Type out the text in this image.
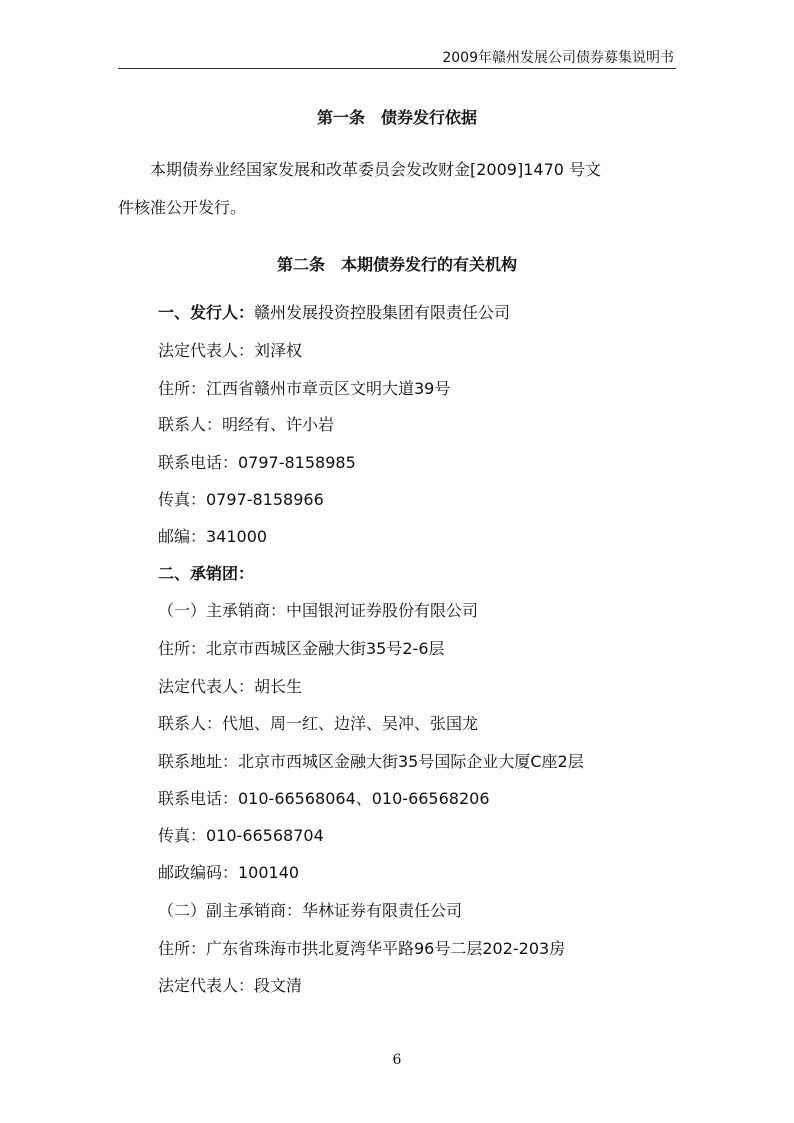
2009年赣州发展公司债券募集说明书
第一条　债券发行依据
本期债券业经国家发展和改革委员会发改财金[2009]1470 号文
件核准公开发行。
第二条　本期债券发行的有关机构
一、发行人：赣州发展投资控股集团有限责任公司
法定代表人：刘泽权
住所：江西省赣州市章贡区文明大道39号
联系人：明经有、许小岩
联系电话：0797-8158985
传真：0797-8158966
邮编：341000
二、承销团：
（一）主承销商：中国银河证券股份有限公司
住所：北京市西城区金融大街35号2-6层
法定代表人：胡长生
联系人：代旭、周一红、边洋、吴冲、张国龙
联系地址：北京市西城区金融大街35号国际企业大厦C座2层
联系电话：010-66568064、010-66568206
传真：010-66568704
邮政编码：100140
（二）副主承销商：华林证券有限责任公司
住所：广东省珠海市拱北夏湾华平路96号二层202-203房
法定代表人：段文清
6
